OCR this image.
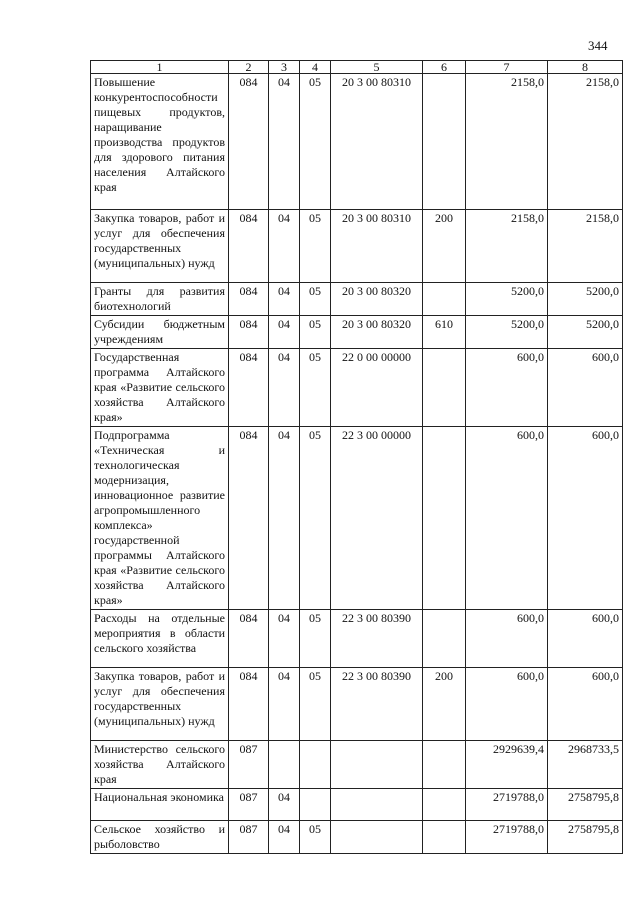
344
1	2	3	4	5	6	7	8
Повышение конкурентоспособности пищевых продуктов, наращивание производства продуктов для здорового питания населения Алтайского края	084	04	05	20 3 00 80310		2158,0	2158,0
Закупка товаров, работ и услуг для обеспечения государственных (муниципальных) нужд	084	04	05	20 3 00 80310	200	2158,0	2158,0
Гранты для развития биотехнологий	084	04	05	20 3 00 80320		5200,0	5200,0
Субсидии бюджетным учреждениям	084	04	05	20 3 00 80320	610	5200,0	5200,0
Государственная программа Алтайского края «Развитие сельского хозяйства Алтайского края»	084	04	05	22 0 00 00000		600,0	600,0
Подпрограмма «Техническая и технологическая модернизация, инновационное развитие агропромышленного комплекса» государственной программы Алтайского края «Развитие сельского хозяйства Алтайского края»	084	04	05	22 3 00 00000		600,0	600,0
Расходы на отдельные мероприятия в области сельского хозяйства	084	04	05	22 3 00 80390		600,0	600,0
Закупка товаров, работ и услуг для обеспечения государственных (муниципальных) нужд	084	04	05	22 3 00 80390	200	600,0	600,0
Министерство сельского хозяйства Алтайского края	087					2929639,4	2968733,5
Национальная экономика	087	04				2719788,0	2758795,8
Сельское хозяйство и рыболовство	087	04	05			2719788,0	2758795,8
